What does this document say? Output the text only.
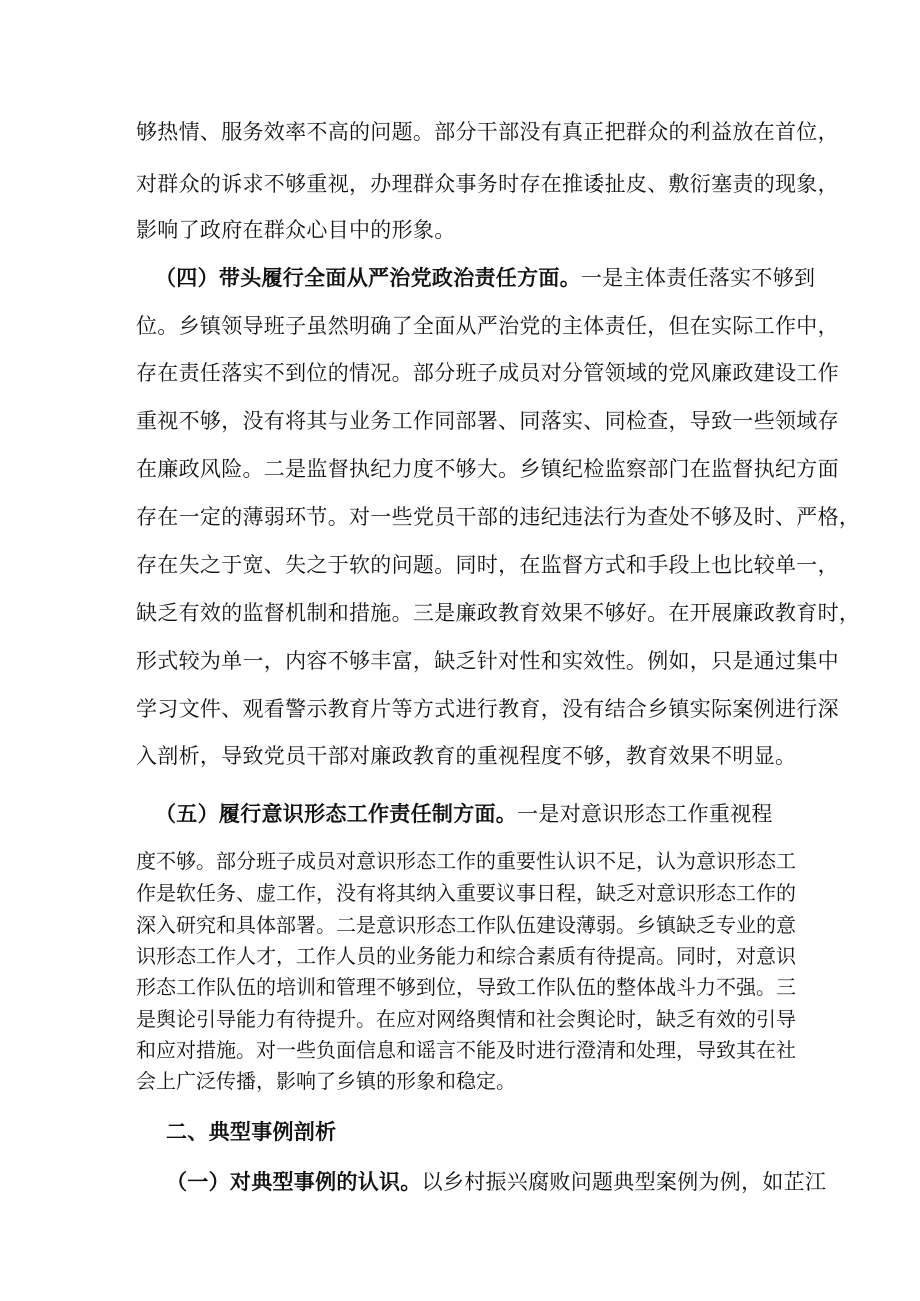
够热情、服务效率不高的问题。部分干部没有真正把群众的利益放在首位，
对群众的诉求不够重视，办理群众事务时存在推诿扯皮、敷衍塞责的现象，
影响了政府在群众心目中的形象。
（四）带头履行全面从严治党政治责任方面。一是主体责任落实不够到
位。乡镇领导班子虽然明确了全面从严治党的主体责任，但在实际工作中，
存在责任落实不到位的情况。部分班子成员对分管领域的党风廉政建设工作
重视不够，没有将其与业务工作同部署、同落实、同检查，导致一些领域存
在廉政风险。二是监督执纪力度不够大。乡镇纪检监察部门在监督执纪方面
存在一定的薄弱环节。对一些党员干部的违纪违法行为查处不够及时、严格，
存在失之于宽、失之于软的问题。同时，在监督方式和手段上也比较单一，
缺乏有效的监督机制和措施。三是廉政教育效果不够好。在开展廉政教育时，
形式较为单一，内容不够丰富，缺乏针对性和实效性。例如，只是通过集中
学习文件、观看警示教育片等方式进行教育，没有结合乡镇实际案例进行深
入剖析，导致党员干部对廉政教育的重视程度不够，教育效果不明显。
（五）履行意识形态工作责任制方面。一是对意识形态工作重视程
度不够。部分班子成员对意识形态工作的重要性认识不足，认为意识形态工
作是软任务、虚工作，没有将其纳入重要议事日程，缺乏对意识形态工作的
深入研究和具体部署。二是意识形态工作队伍建设薄弱。乡镇缺乏专业的意
识形态工作人才，工作人员的业务能力和综合素质有待提高。同时，对意识
形态工作队伍的培训和管理不够到位，导致工作队伍的整体战斗力不强。三
是舆论引导能力有待提升。在应对网络舆情和社会舆论时，缺乏有效的引导
和应对措施。对一些负面信息和谣言不能及时进行澄清和处理，导致其在社
会上广泛传播，影响了乡镇的形象和稳定。
二、典型事例剖析
（一）对典型事例的认识。以乡村振兴腐败问题典型案例为例，如芷江
